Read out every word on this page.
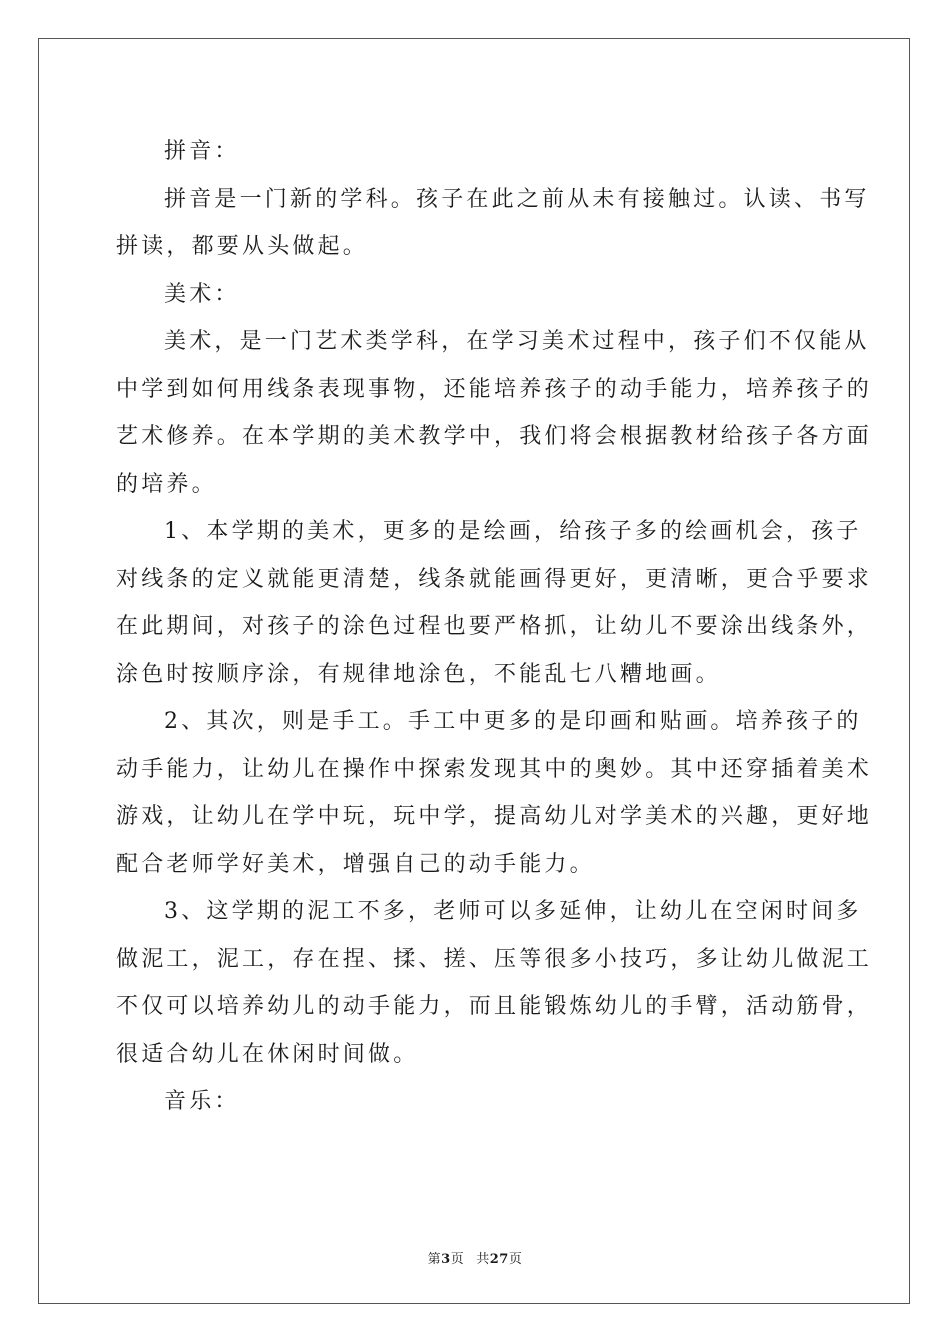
拼音：
拼音是一门新的学科。孩子在此之前从未有接触过。认读、书写
拼读，都要从头做起。
美术：
美术，是一门艺术类学科，在学习美术过程中，孩子们不仅能从
中学到如何用线条表现事物，还能培养孩子的动手能力，培养孩子的
艺术修养。在本学期的美术教学中，我们将会根据教材给孩子各方面
的培养。
1、本学期的美术，更多的是绘画，给孩子多的绘画机会，孩子
对线条的定义就能更清楚，线条就能画得更好，更清晰，更合乎要求
在此期间，对孩子的涂色过程也要严格抓，让幼儿不要涂出线条外，
涂色时按顺序涂，有规律地涂色，不能乱七八糟地画。
2、其次，则是手工。手工中更多的是印画和贴画。培养孩子的
动手能力，让幼儿在操作中探索发现其中的奥妙。其中还穿插着美术
游戏，让幼儿在学中玩，玩中学，提高幼儿对学美术的兴趣，更好地
配合老师学好美术，增强自己的动手能力。
3、这学期的泥工不多，老师可以多延伸，让幼儿在空闲时间多
做泥工，泥工，存在捏、揉、搓、压等很多小技巧，多让幼儿做泥工
不仅可以培养幼儿的动手能力，而且能锻炼幼儿的手臂，活动筋骨，
很适合幼儿在休闲时间做。
音乐：
第3页 共27页
